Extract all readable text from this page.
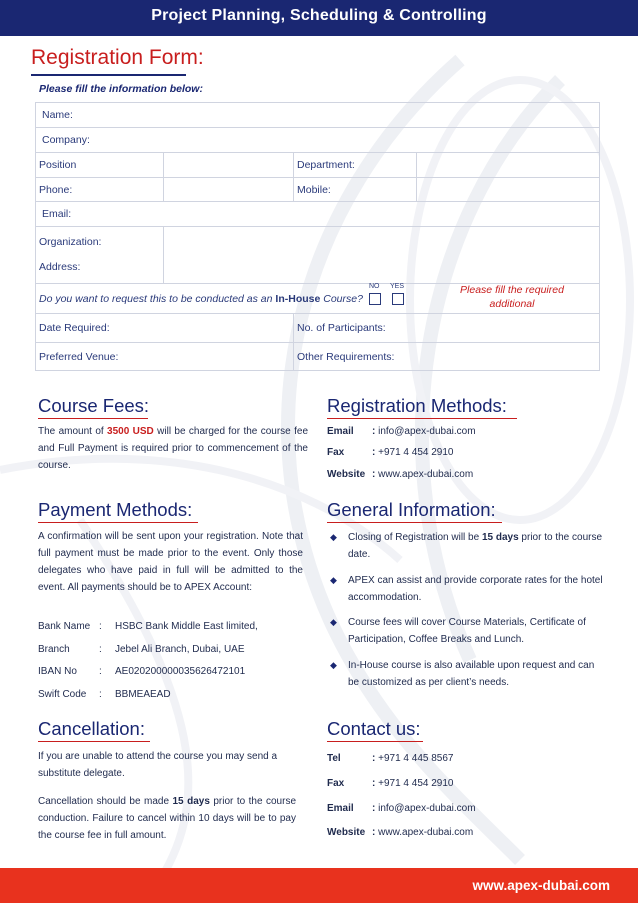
Project Planning, Scheduling & Controlling
Registration Form:
Please fill the information below:
Name:			
Company:			
Position		Department:	
Phone:		Mobile:	
Email:			

Organization:
Address:			

Do you want to request this to be conducted as an In-House Course?			
Date Required:		No. of Participants:	
Preferred Venue:		Other Requirements:	
NO YES	Please fill the required
additional
Course Fees:
The amount of 3500 USD will be charged for the course fee and Full Payment is required prior to commencement of the course.
Registration Methods:
Email : info@apex-dubai.com
Fax	: +971 4 454 2910
Website : www.apex-dubai.com
Payment Methods:
A confirmation will be sent upon your registration. Note that full payment must be made prior to the event. Only those delegates who have paid in full will be admitted to the event. All payments should be to APEX Account:
Bank Name : HSBC Bank Middle East limited,
Branch	: Jebel Ali Branch, Dubai, UAE
IBAN No	: AE020200000035626472101
Swift Code	: BBMEAEAD
General Information:
◆ Closing of Registration will be 15 days prior to the course date.
◆ APEX can assist and provide corporate rates for the hotel accommodation.
◆ Course fees will cover Course Materials, Certificate of Participation, Coffee Breaks and Lunch.
◆ In-House course is also available upon request and can be customized as per client’s needs.
Cancellation:
If you are unable to attend the course you may send a substitute delegate.
Cancellation should be made 15 days prior to the course conduction. Failure to cancel within 10 days will be to pay the course fee in full amount.
Contact us:
Tel	: +971 4 445 8567
Fax	: +971 4 454 2910
Email : info@apex-dubai.com
Website : www.apex-dubai.com
www.apex-dubai.com
